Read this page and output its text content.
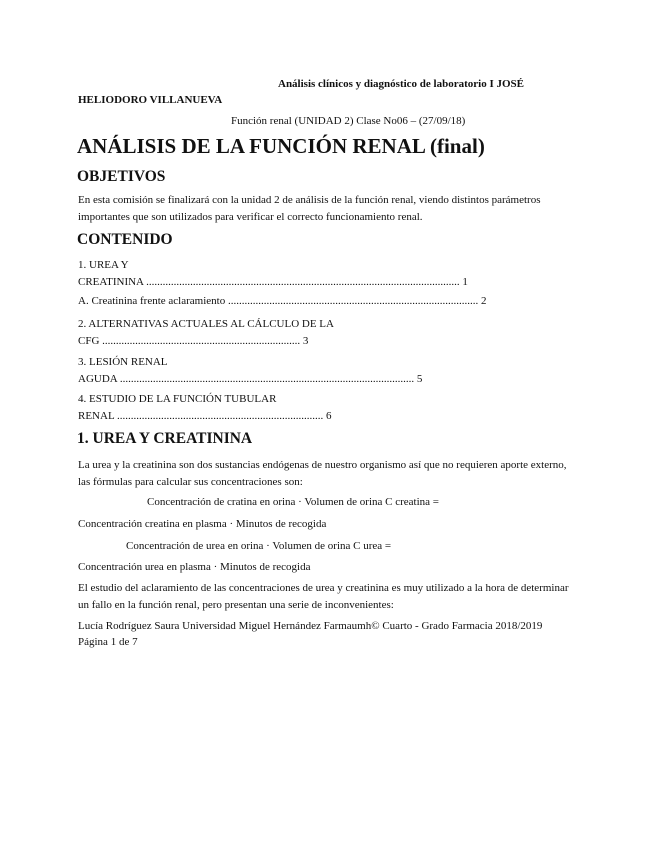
Análisis clínicos y diagnóstico de laboratorio I JOSÉ
HELIODORO VILLANUEVA
Función renal (UNIDAD 2) Clase No06 – (27/09/18)
ANÁLISIS DE LA FUNCIÓN RENAL (final)
OBJETIVOS
En esta comisión se finalizará con la unidad 2 de análisis de la función renal, viendo distintos parámetros importantes que son utilizados para verificar el correcto funcionamiento renal.
CONTENIDO
1. UREA Y
CREATININA .................................................................................................................. 1
A. Creatinina frente aclaramiento ........................................................................................... 2
2. ALTERNATIVAS ACTUALES AL CÁLCULO DE LA
CFG ........................................................................ 3
3. LESIÓN RENAL
AGUDA ........................................................................................................... 5
4. ESTUDIO DE LA FUNCIÓN TUBULAR
RENAL ........................................................................... 6
1. UREA Y CREATININA
La urea y la creatinina son dos sustancias endógenas de nuestro organismo así que no requieren aporte externo, las fórmulas para calcular sus concentraciones son:
Concentración de cratina en orina · Volumen de orina C creatina =
Concentración creatina en plasma · Minutos de recogida
Concentración de urea en orina · Volumen de orina C urea =
Concentración urea en plasma · Minutos de recogida
El estudio del aclaramiento de las concentraciones de urea y creatinina es muy utilizado a la hora de determinar un fallo en la función renal, pero presentan una serie de inconvenientes:
Lucía Rodríguez Saura Universidad Miguel Hernández Farmaumh© Cuarto - Grado Farmacia 2018/2019
Página 1 de 7
